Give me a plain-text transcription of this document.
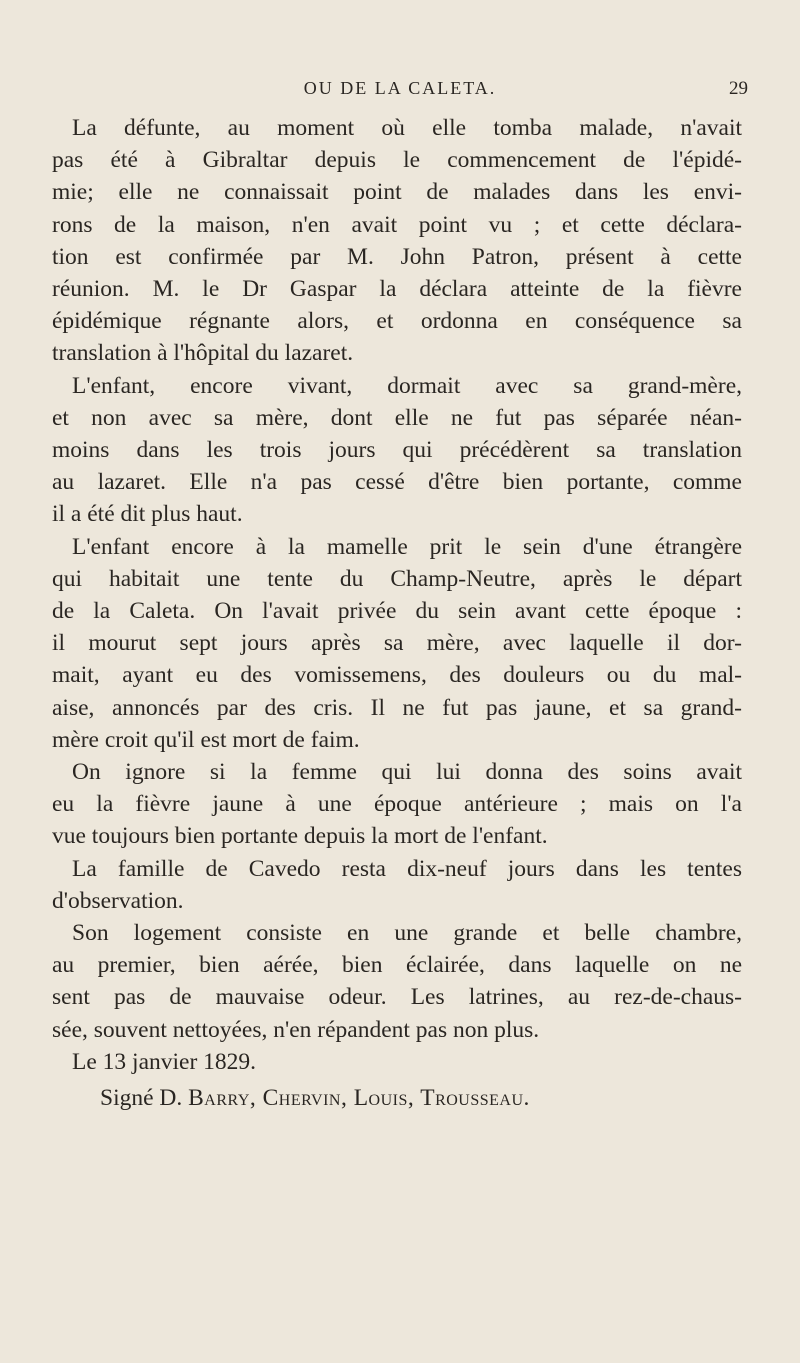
OU DE LA CALETA.	29
La défunte, au moment où elle tomba malade, n'avait
pas été à Gibraltar depuis le commencement de l'épidé-
mie; elle ne connaissait point de malades dans les envi-
rons de la maison, n'en avait point vu ; et cette déclara-
tion est confirmée par M. John Patron, présent à cette
réunion. M. le Dr Gaspar la déclara atteinte de la fièvre
épidémique régnante alors, et ordonna en conséquence sa
translation à l'hôpital du lazaret.
L'enfant, encore vivant, dormait avec sa grand-mère,
et non avec sa mère, dont elle ne fut pas séparée néan-
moins dans les trois jours qui précédèrent sa translation
au lazaret. Elle n'a pas cessé d'être bien portante, comme
il a été dit plus haut.
L'enfant encore à la mamelle prit le sein d'une étrangère
qui habitait une tente du Champ-Neutre, après le départ
de la Caleta. On l'avait privée du sein avant cette époque :
il mourut sept jours après sa mère, avec laquelle il dor-
mait, ayant eu des vomissemens, des douleurs ou du mal-
aise, annoncés par des cris. Il ne fut pas jaune, et sa grand-
mère croit qu'il est mort de faim.
On ignore si la femme qui lui donna des soins avait
eu la fièvre jaune à une époque antérieure ; mais on l'a
vue toujours bien portante depuis la mort de l'enfant.
La famille de Cavedo resta dix-neuf jours dans les tentes
d'observation.
Son logement consiste en une grande et belle chambre,
au premier, bien aérée, bien éclairée, dans laquelle on ne
sent pas de mauvaise odeur. Les latrines, au rez-de-chaus-
sée, souvent nettoyées, n'en répandent pas non plus.
Le 13 janvier 1829.
Signé D. Barry, Chervin, Louis, Trousseau.
